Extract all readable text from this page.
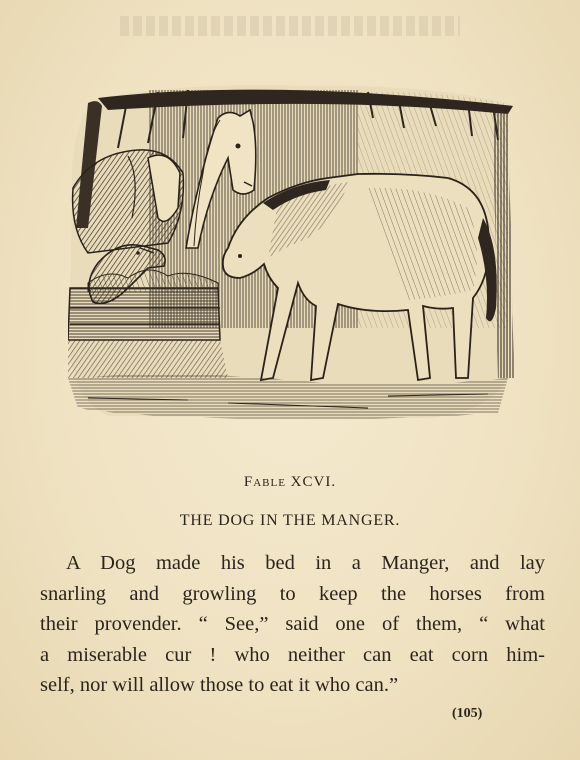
Fable XCVI.
THE DOG IN THE MANGER.
A Dog made his bed in a Manger, and lay
snarling and growling to keep the horses from
their provender. “ See,” said one of them, “ what
a miserable cur ! who neither can eat corn him-
self, nor will allow those to eat it who can.”
(105)
